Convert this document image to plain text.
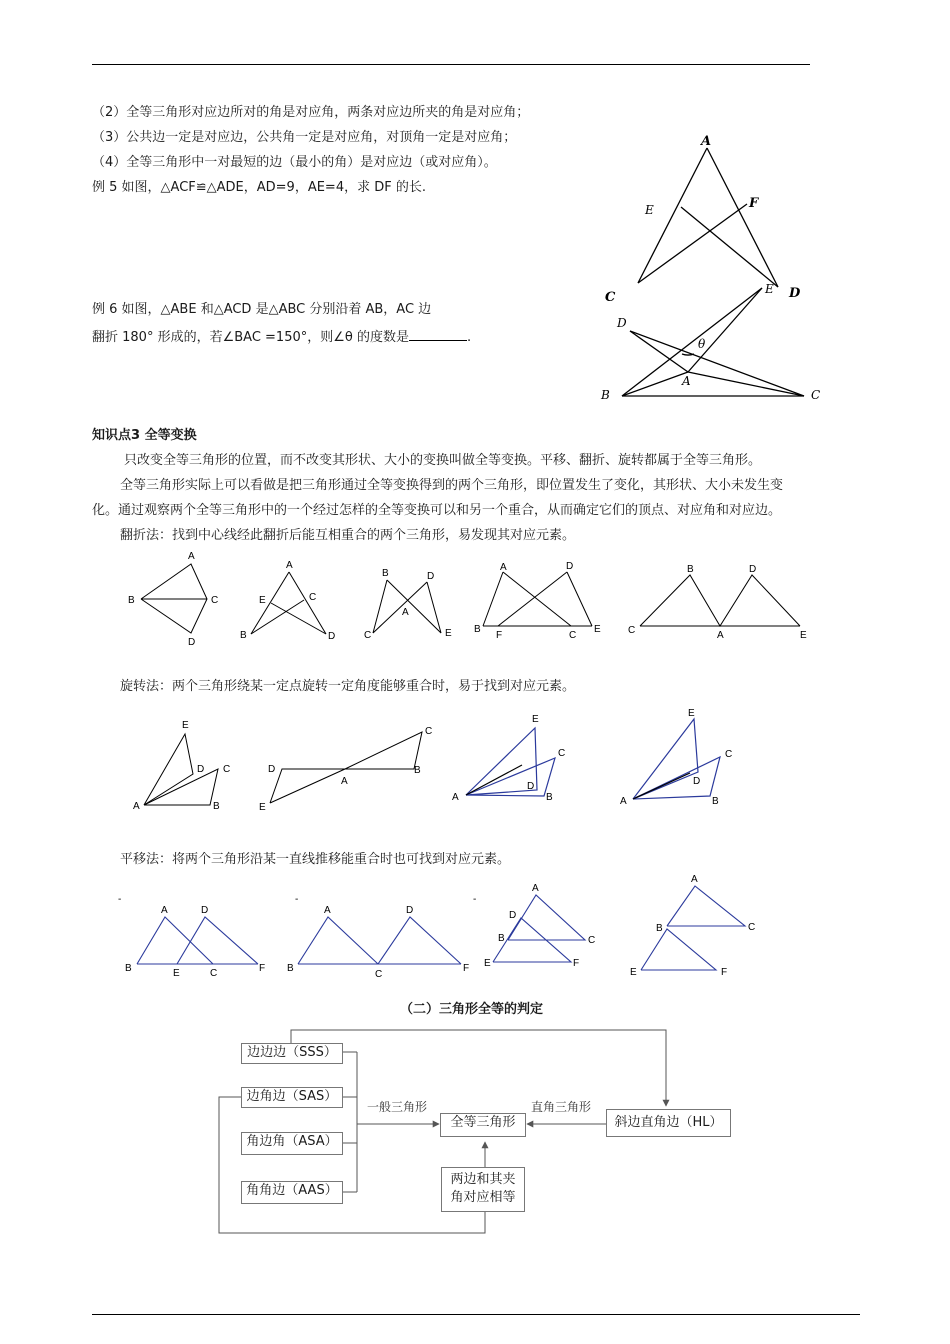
（2）全等三角形对应边所对的角是对应角，两条对应边所夹的角是对应角；
（3）公共边一定是对应边，公共角一定是对应角，对顶角一定是对应角；
（4）全等三角形中一对最短的边（最小的角）是对应边（或对应角）。
例 5 如图，△ACF≌△ADE，AD=9，AE=4，求 DF 的长.
例 6 如图，△ABE 和△ACD 是△ABC 分别沿着 AB，AC 边
翻折 180° 形成的，若∠BAC =150°，则∠θ 的度数是	.
知识点3 全等变换
只改变全等三角形的位置，而不改变其形状、大小的变换叫做全等变换。平移、翻折、旋转都属于全等三角形。
全等三角形实际上可以看做是把三角形通过全等变换得到的两个三角形，即位置发生了变化，其形状、大小未发生变
化。通过观察两个全等三角形中的一个经过怎样的全等变换可以和另一个重合，从而确定它们的顶点、对应角和对应边。
翻折法：找到中心线经此翻折后能互相重合的两个三角形，易发现其对应元素。
旋转法：两个三角形绕某一定点旋转一定角度能够重合时，易于找到对应元素。
平移法：将两个三角形沿某一直线推移能重合时也可找到对应元素。
A
E	F
C	D
D
E
θ
A
B	C
A
B	C
D
A
E	C
B	D
B	D
A
C	E
A	D
B
F	C
E
B	D
C	A	E
E
D C
A	B
C
D
A
B
E
E
C
D
A	B
E
C
D
A	B
-	-	-
A	D
B	E	C	F
A	D
B
C
F
A
D
B	C
E	F
A
B	C
E	F
（二）三角形全等的判定
边边边（SSS）
边角边（SAS）
角边角（ASA）
角角边（AAS）
全等三角形	斜边直角边（HL）
两边和其夹
角对应相等
一般三角形	直角三角形
